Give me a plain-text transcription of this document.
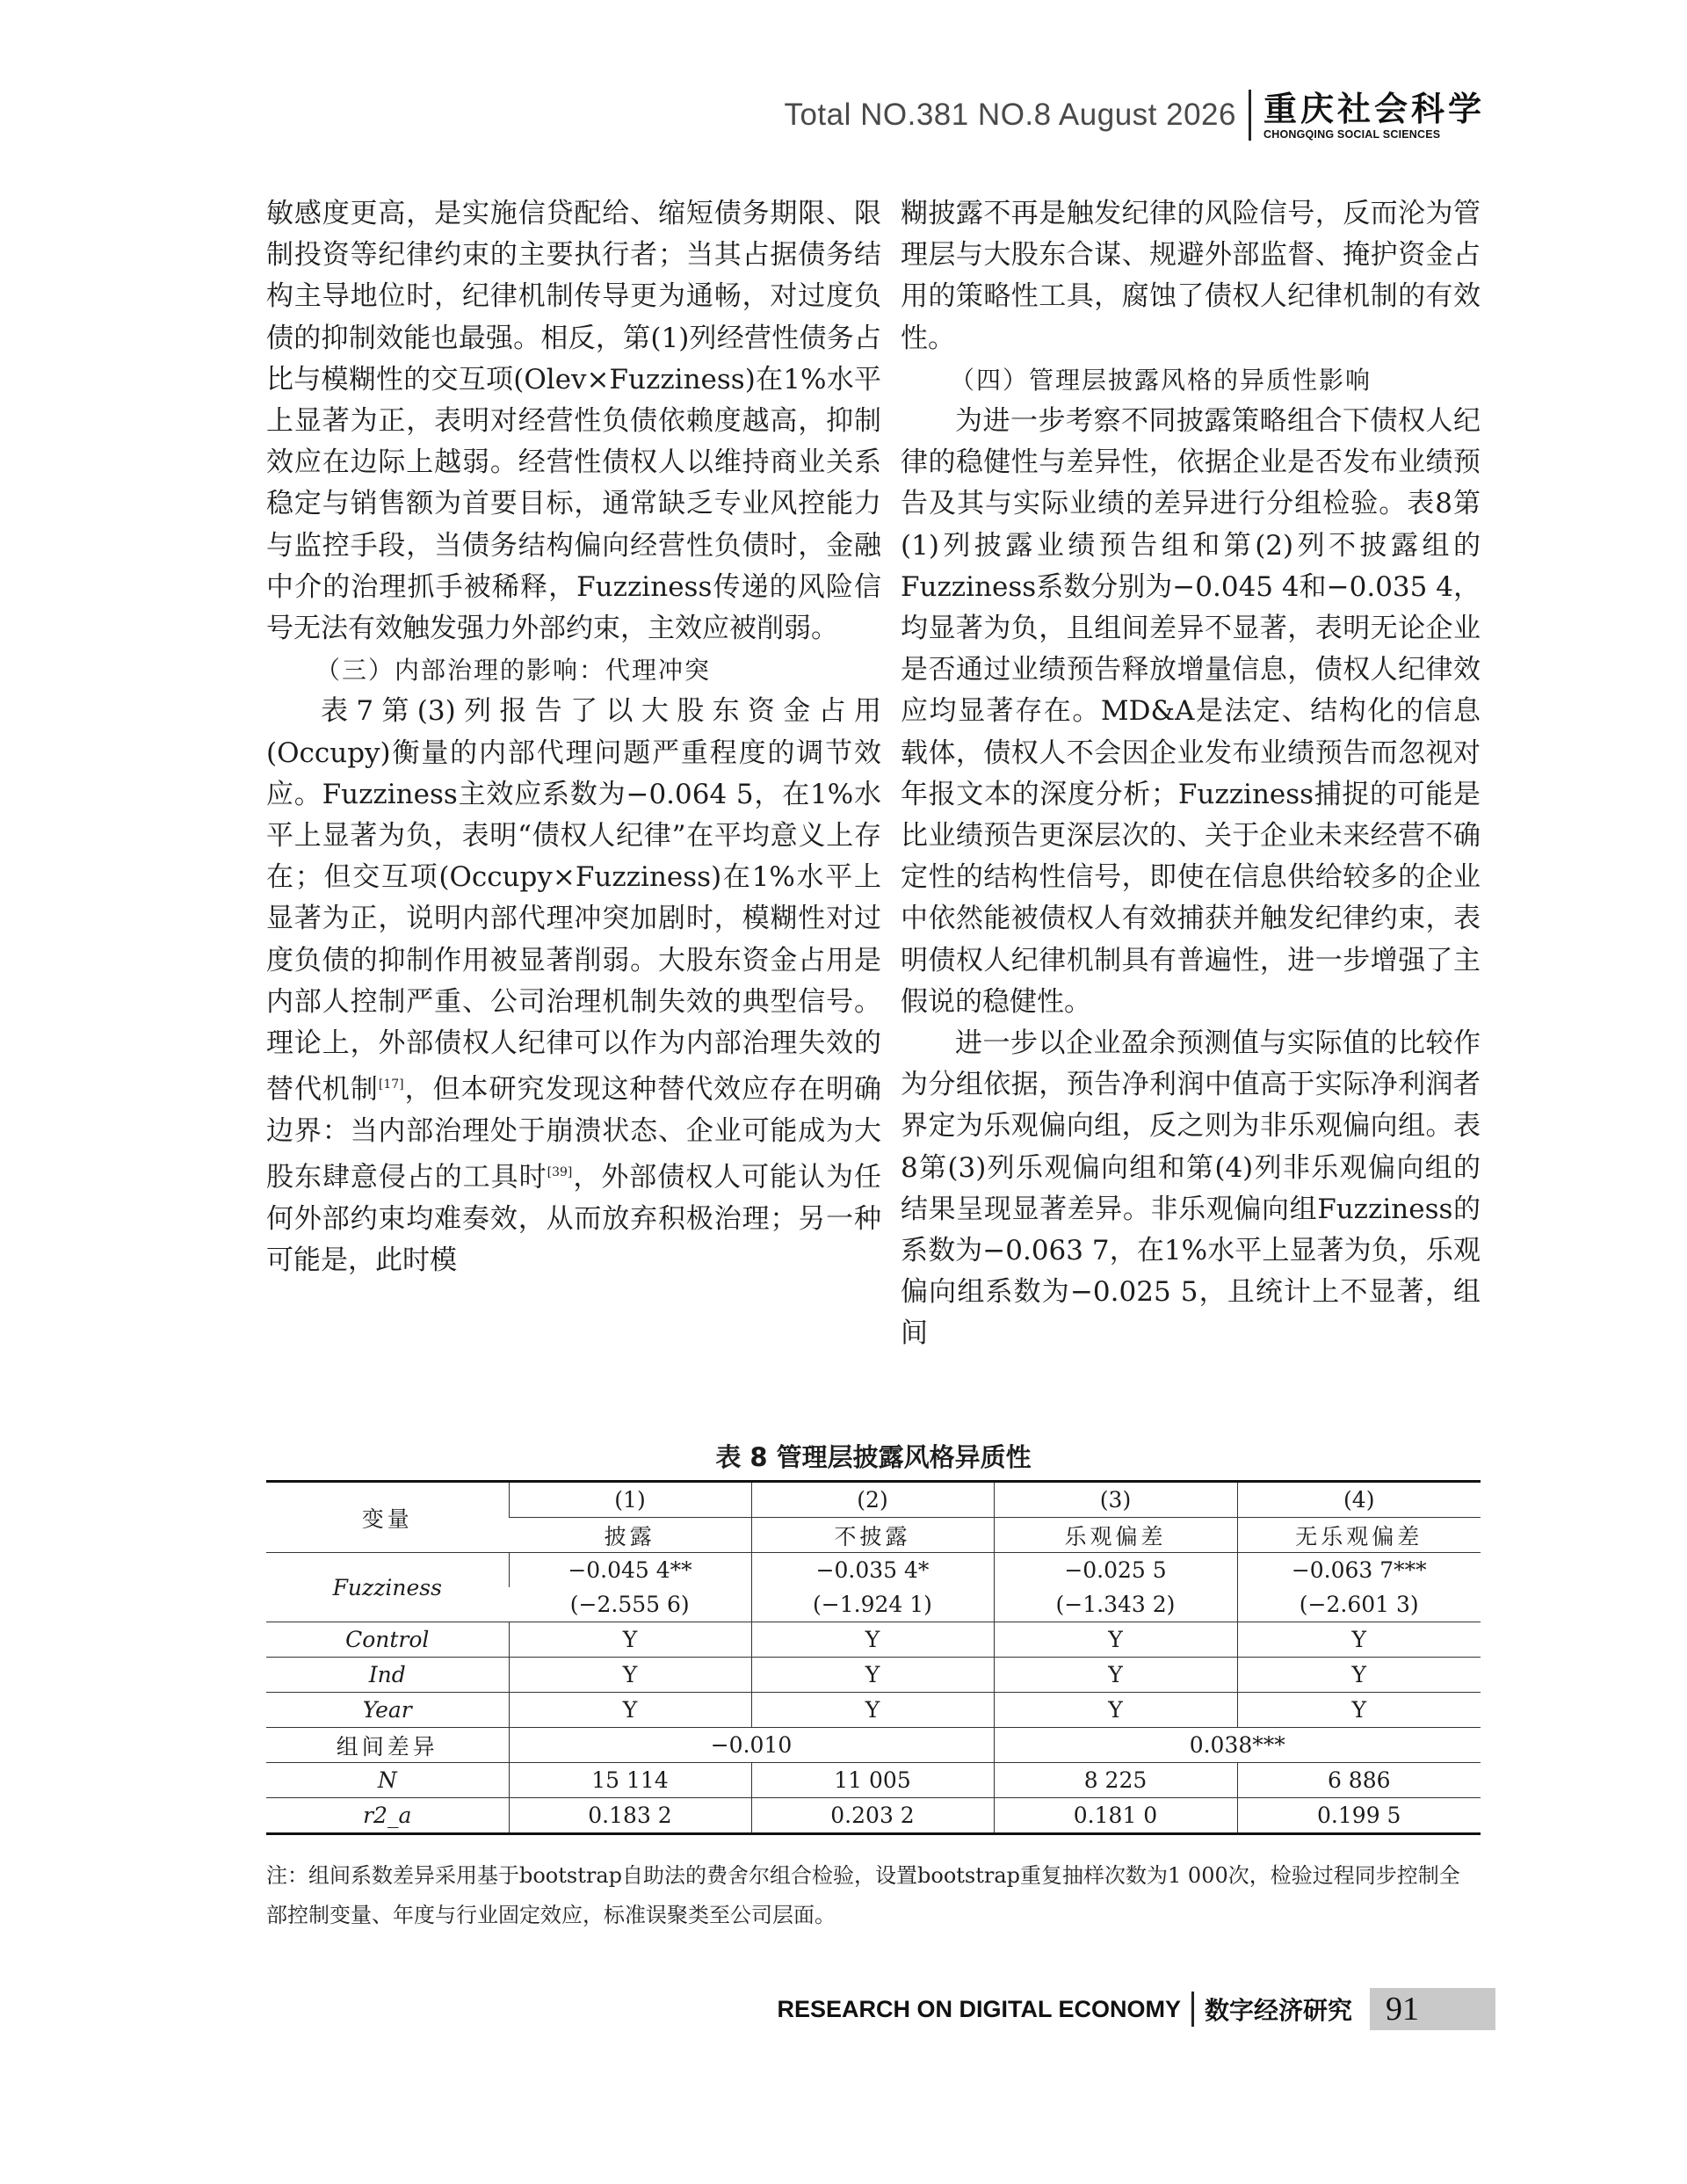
Total NO.381 NO.8 August 2026 重庆社会科学
CHONGQING SOCIAL SCIENCES

敏感度更高，是实施信贷配给、缩短债务期限、限制投资等纪律约束的主要执行者；当其占据债务结构主导地位时，纪律机制传导更为通畅，对过度负债的抑制效能也最强。相反，第(1)列经营性债务占比与模糊性的交互项(Olev×Fuzziness)在1%水平上显著为正，表明对经营性负债依赖度越高，抑制效应在边际上越弱。经营性债权人以维持商业关系稳定与销售额为首要目标，通常缺乏专业风控能力与监控手段，当债务结构偏向经营性负债时，金融中介的治理抓手被稀释，Fuzziness传递的风险信号无法有效触发强力外部约束，主效应被削弱。

（三）内部治理的影响：代理冲突

表7第(3)列报告了以大股东资金占用(Occupy)衡量的内部代理问题严重程度的调节效应。Fuzziness主效应系数为−0.064 5，在1%水平上显著为负，表明“债权人纪律”在平均意义上存在；但交互项(Occupy×Fuzziness)在1%水平上显著为正，说明内部代理冲突加剧时，模糊性对过度负债的抑制作用被显著削弱。大股东资金占用是内部人控制严重、公司治理机制失效的典型信号。理论上，外部债权人纪律可以作为内部治理失效的替代机制[17]，但本研究发现这种替代效应存在明确边界：当内部治理处于崩溃状态、企业可能成为大股东肆意侵占的工具时[39]，外部债权人可能认为任何外部约束均难奏效，从而放弃积极治理；另一种可能是，此时模

糊披露不再是触发纪律的风险信号，反而沦为管理层与大股东合谋、规避外部监督、掩护资金占用的策略性工具，腐蚀了债权人纪律机制的有效性。

（四）管理层披露风格的异质性影响

为进一步考察不同披露策略组合下债权人纪律的稳健性与差异性，依据企业是否发布业绩预告及其与实际业绩的差异进行分组检验。表8第(1)列披露业绩预告组和第(2)列不披露组的Fuzziness系数分别为−0.045 4和−0.035 4，均显著为负，且组间差异不显著，表明无论企业是否通过业绩预告释放增量信息，债权人纪律效应均显著存在。MD&A是法定、结构化的信息载体，债权人不会因企业发布业绩预告而忽视对年报文本的深度分析；Fuzziness捕捉的可能是比业绩预告更深层次的、关于企业未来经营不确定性的结构性信号，即使在信息供给较多的企业中依然能被债权人有效捕获并触发纪律约束，表明债权人纪律机制具有普遍性，进一步增强了主假说的稳健性。

进一步以企业盈余预测值与实际值的比较作为分组依据，预告净利润中值高于实际净利润者界定为乐观偏向组，反之则为非乐观偏向组。表8第(3)列乐观偏向组和第(4)列非乐观偏向组的结果呈现显著差异。非乐观偏向组Fuzziness的系数为−0.063 7，在1%水平上显著为负，乐观偏向组系数为−0.025 5，且统计上不显著，组间

表 8 管理层披露风格异质性
变量	(1)	(2)	(3)	(4)
	披露	不披露	乐观偏差	无乐观偏差
Fuzziness	−0.045 4**	−0.035 4*	−0.025 5	−0.063 7***
	(−2.555 6)	(−1.924 1)	(−1.343 2)	(−2.601 3)
Control	Y	Y	Y	Y
Ind	Y	Y	Y	Y
Year	Y	Y	Y	Y
组间差异	−0.010		0.038***	
N	15 114	11 005	8 225	6 886
r2_a	0.183 2	0.203 2	0.181 0	0.199 5
注：组间系数差异采用基于bootstrap自助法的费舍尔组合检验，设置bootstrap重复抽样次数为1 000次，检验过程同步控制全部控制变量、年度与行业固定效应，标准误聚类至公司层面。
RESEARCH ON DIGITAL ECONOMY 数字经济研究	91
